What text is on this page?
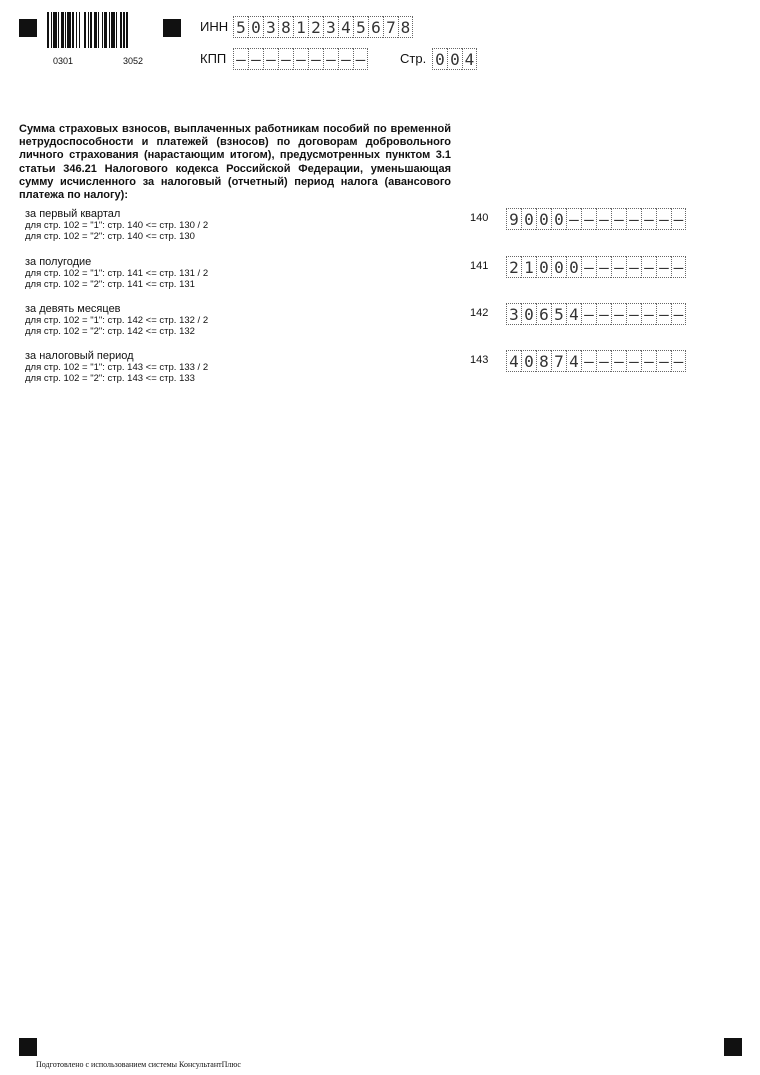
0301	3052
ИНН 5 0 3 8 1 2 3 4 5 6 7 8
КПП – – – – – – – – –	Стр. 0 0 4
Сумма страховых взносов, выплаченных работникам пособий по временной нетрудоспособности и платежей (взносов) по договорам добровольного личного страхования (нарастающим итогом), предусмотренных пунктом 3.1 статьи 346.21 Налогового кодекса Российской Федерации, уменьшающая сумму исчисленного за налоговый (отчетный) период налога (авансового платежа по налогу):
за первый квартал
для стр. 102 = "1": стр. 140 <= стр. 130 / 2
для стр. 102 = "2": стр. 140 <= стр. 130
140 9 0 0 0 – – – – – – – –
за полугодие
для стр. 102 = "1": стр. 141 <= стр. 131 / 2
для стр. 102 = "2": стр. 141 <= стр. 131
141 2 1 0 0 0 – – – – – – –
за девять месяцев
для стр. 102 = "1": стр. 142 <= стр. 132 / 2
для стр. 102 = "2": стр. 142 <= стр. 132
142 3 0 6 5 4 – – – – – – –
за налоговый период
для стр. 102 = "1": стр. 143 <= стр. 133 / 2
для стр. 102 = "2": стр. 143 <= стр. 133
143 4 0 8 7 4 – – – – – – –
Подготовлено с использованием системы КонсультантПлюс
